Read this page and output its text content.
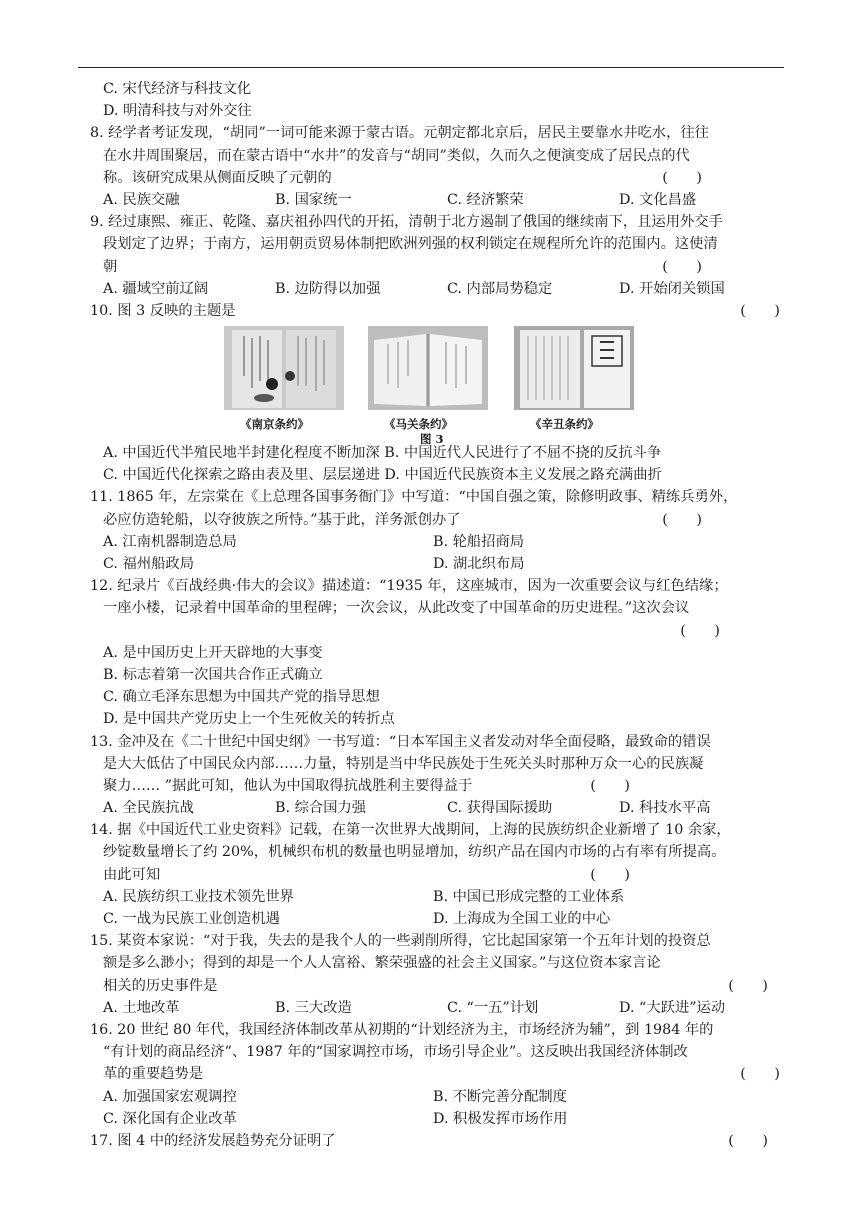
C. 宋代经济与科技文化
D. 明清科技与对外交往
8. 经学者考证发现，“胡同”一词可能来源于蒙古语。元朝定都北京后，居民主要靠水井吃水，往往
在水井周围聚居，而在蒙古语中“水井”的发音与“胡同”类似，久而久之便演变成了居民点的代
称。该研究成果从侧面反映了元朝的	(　　)
A. 民族交融	B. 国家统一	C. 经济繁荣	D. 文化昌盛
9. 经过康熙、雍正、乾隆、嘉庆祖孙四代的开拓，清朝于北方遏制了俄国的继续南下，且运用外交手
段划定了边界；于南方，运用朝贡贸易体制把欧洲列强的权利锁定在规程所允许的范围内。这使清
朝	(　　)
A. 疆域空前辽阔	B. 边防得以加强	C. 内部局势稳定	D. 开始闭关锁国
10. 图 3 反映的主题是	(　　)
《南京条约》	《马关条约》	《辛丑条约》
图 3
A. 中国近代半殖民地半封建化程度不断加深 B. 中国近代人民进行了不屈不挠的反抗斗争
C. 中国近代化探索之路由表及里、层层递进 D. 中国近代民族资本主义发展之路充满曲折
11. 1865 年，左宗棠在《上总理各国事务衙门》中写道：“中国自强之策，除修明政事、精练兵勇外，
必应仿造轮船，以夺彼族之所恃。”基于此，洋务派创办了	(　　)
A. 江南机器制造总局	B. 轮船招商局
C. 福州船政局	D. 湖北织布局
12. 纪录片《百战经典·伟大的会议》描述道：“1935 年，这座城市，因为一次重要会议与红色结缘；
一座小楼，记录着中国革命的里程碑；一次会议，从此改变了中国革命的历史进程。”这次会议
(　　)
A. 是中国历史上开天辟地的大事变
B. 标志着第一次国共合作正式确立
C. 确立毛泽东思想为中国共产党的指导思想
D. 是中国共产党历史上一个生死攸关的转折点
13. 金冲及在《二十世纪中国史纲》一书写道：“日本军国主义者发动对华全面侵略，最致命的错误
是大大低估了中国民众内部……力量，特别是当中华民族处于生死关头时那种万众一心的民族凝
聚力…… ”据此可知，他认为中国取得抗战胜利主要得益于	(　　)
A. 全民族抗战	B. 综合国力强	C. 获得国际援助	D. 科技水平高
14. 据《中国近代工业史资料》记载，在第一次世界大战期间，上海的民族纺织企业新增了 10 余家，
纱锭数量增长了约 20%，机械织布机的数量也明显增加，纺织产品在国内市场的占有率有所提高。
由此可知	(　　)
A. 民族纺织工业技术领先世界	B. 中国已形成完整的工业体系
C. 一战为民族工业创造机遇	D. 上海成为全国工业的中心
15. 某资本家说：“对于我，失去的是我个人的一些剥削所得，它比起国家第一个五年计划的投资总
额是多么渺小；得到的却是一个人人富裕、繁荣强盛的社会主义国家。”与这位资本家言论
相关的历史事件是	(　　)
A. 土地改革	B. 三大改造	C. “一五”计划	D. “大跃进”运动
16. 20 世纪 80 年代，我国经济体制改革从初期的“计划经济为主，市场经济为辅”，到 1984 年的
“有计划的商品经济”、1987 年的“国家调控市场，市场引导企业”。这反映出我国经济体制改
革的重要趋势是	(　　)
A. 加强国家宏观调控	B. 不断完善分配制度
C. 深化国有企业改革	D. 积极发挥市场作用
17. 图 4 中的经济发展趋势充分证明了	(　　)
